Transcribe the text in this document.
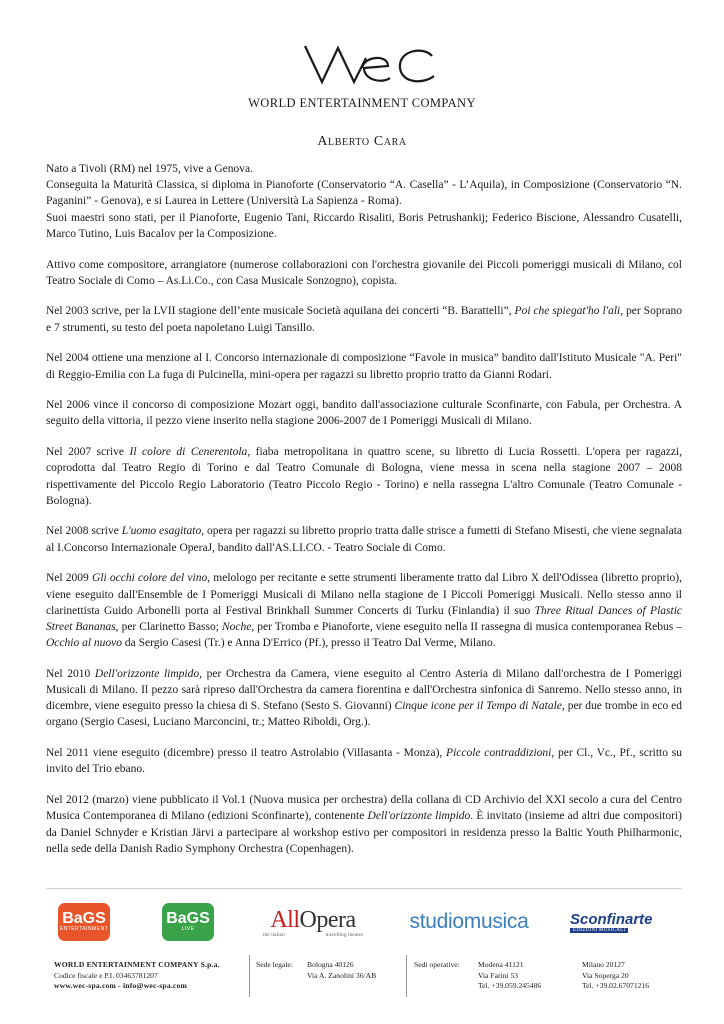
WORLD ENTERTAINMENT COMPANY
Alberto Cara

Nato a Tivoli (RM) nel 1975, vive a Genova.
Conseguita la Maturità Classica, si diploma in Pianoforte (Conservatorio “A. Casella” - L’Aquila), in Composizione (Conservatorio “N. Paganini” - Genova), e si Laurea in Lettere (Università La Sapienza - Roma).
Suoi maestri sono stati, per il Pianoforte, Eugenio Tani, Riccardo Risaliti, Boris Petrushankij; Federico Biscione, Alessandro Cusatelli, Marco Tutino, Luis Bacalov per la Composizione.

Attivo come compositore, arrangiatore (numerose collaborazioni con l'orchestra giovanile dei Piccoli pomeriggi musicali di Milano, col Teatro Sociale di Como – As.Li.Co., con Casa Musicale Sonzogno), copista.

Nel 2003 scrive, per la LVII stagione dell’ente musicale Società aquilana dei concerti “B. Barattelli”, Poi che spiegat'ho l'ali, per Soprano e 7 strumenti, su testo del poeta napoletano Luigi Tansillo.

Nel 2004 ottiene una menzione al I. Concorso internazionale di composizione “Favole in musica” bandito dall'Istituto Musicale "A. Peri" di Reggio-Emilia con La fuga di Pulcinella, mini-opera per ragazzi su libretto proprio tratto da Gianni Rodari.

Nel 2006 vince il concorso di composizione Mozart oggi, bandito dall'associazione culturale Sconfinarte, con Fabula, per Orchestra. A seguito della vittoria, il pezzo viene inserito nella stagione 2006-2007 de I Pomeriggi Musicali di Milano.

Nel 2007 scrive Il colore di Cenerentola, fiaba metropolitana in quattro scene, su libretto di Lucia Rossetti. L'opera per ragazzi, coprodotta dal Teatro Regio di Torino e dal Teatro Comunale di Bologna, viene messa in scena nella stagione 2007 – 2008 rispettivamente del Piccolo Regio Laboratorio (Teatro Piccolo Regio - Torino) e nella rassegna L'altro Comunale (Teatro Comunale - Bologna).

Nel 2008 scrive L'uomo esagitato, opera per ragazzi su libretto proprio tratta dalle strisce a fumetti di Stefano Misesti, che viene segnalata al I.Concorso Internazionale OperaJ, bandito dall'AS.LI.CO. - Teatro Sociale di Como.

Nel 2009 Gli occhi colore del vino, melologo per recitante e sette strumenti liberamente tratto dal Libro X dell'Odissea (libretto proprio), viene eseguito dall'Ensemble de I Pomeriggi Musicali di Milano nella stagione de I Piccoli Pomeriggi Musicali. Nello stesso anno il clarinettista Guido Arbonelli porta al Festival Brinkhall Summer Concerts di Turku (Finlandia) il suo Three Ritual Dances of Plastic Street Bananas, per Clarinetto Basso; Noche, per Tromba e Pianoforte, viene eseguito nella II rassegna di musica contemporanea Rebus – Occhio al nuovo da Sergio Casesi (Tr.) e Anna D'Errico (Pf.), presso il Teatro Dal Verme, Milano.

Nel 2010 Dell'orizzonte limpido, per Orchestra da Camera, viene eseguito al Centro Asteria di Milano dall'orchestra de I Pomeriggi Musicali di Milano. Il pezzo sarà ripreso dall'Orchestra da camera fiorentina e dall'Orchestra sinfonica di Sanremo. Nello stesso anno, in dicembre, viene eseguito presso la chiesa di S. Stefano (Sesto S. Giovanni) Cinque icone per il Tempo di Natale, per due trombe in eco ed organo (Sergio Casesi, Luciano Marconcini, tr.; Matteo Riboldi, Org.).

Nel 2011 viene eseguito (dicembre) presso il teatro Astrolabio (Villasanta - Monza), Piccole contraddizioni, per Cl., Vc., Pf., scritto su invito del Trio ebano.

Nel 2012 (marzo) viene pubblicato il Vol.1 (Nuova musica per orchestra) della collana di CD Archivio del XXI secolo a cura del Centro Musica Contemporanea di Milano (edizioni Sconfinarte), contenente Dell'orizzonte limpido. È invitato (insieme ad altri due compositori) da Daniel Schnyder e Kristian Järvi a partecipare al workshop estivo per compositori in residenza presso la Baltic Youth Philharmonic, nella sede della Danish Radio Symphony Orchestra (Copenhagen).

BaGS
ENTERTAINMENT
BaGS
LIVE	AllOpera
the italian	travelling theatre
studiomusica	Sconfinarte
EDIZIONI MUSICALI
WORLD ENTERTAINMENT COMPANY S.p.a.
Codice fiscale e P.I. 03463781207
www.wec-spa.com - info@wec-spa.com
Sede legale: Bologna 40126
Via A. Zanolini 36/AB
Sedi operative: Modena 41121
Via Farini 53
Tel. +39.059.245486
Milano 20127
Via Soperga 20
Tel. +39.02.67071216
